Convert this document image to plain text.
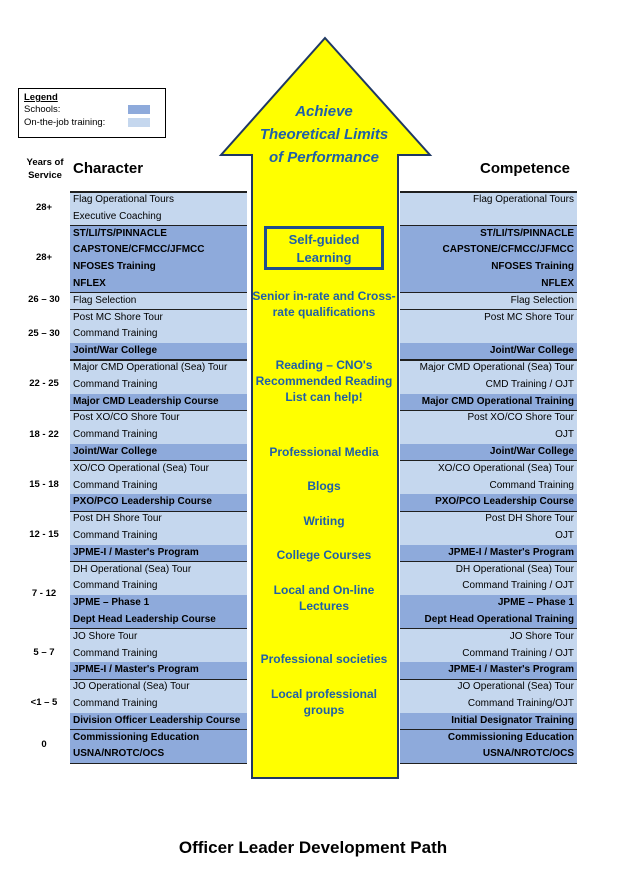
Legend
Schools:
On-the-job training:
Years of Service Character	Competence
Achieve Theoretical Limits of Performance
Self-guided Learning
Senior in-rate and Cross-rate qualifications
Reading – CNO's Recommended Reading List can help!
Professional Media
Blogs
Writing
College Courses
Local and On-line Lectures
Professional societies
Local professional groups
Flag Operational Tours
Executive Coaching
ST/LI/TS/PINNACLE
CAPSTONE/CFMCC/JFMCC
NFOSES Training
NFLEX
Flag Selection
Post MC Shore Tour
Command Training
Joint/War College
Major CMD Operational (Sea) Tour
Command Training
Major CMD Leadership Course
Post XO/CO Shore Tour
Command Training
Joint/War College
XO/CO Operational (Sea) Tour
Command Training
PXO/PCO Leadership Course
Post DH Shore Tour
Command Training
JPME-I / Master's Program
DH Operational (Sea) Tour
Command Training
JPME – Phase 1
Dept Head Leadership Course
JO Shore Tour
Command Training
JPME-I / Master's Program
JO Operational (Sea) Tour
Command Training
Division Officer Leadership Course
Commissioning Education
USNA/NROTC/OCS
Flag Operational Tours
ST/LI/TS/PINNACLE
CAPSTONE/CFMCC/JFMCC
NFOSES Training
NFLEX
Flag Selection
Post MC Shore Tour
Joint/War College
Major CMD Operational (Sea) Tour
CMD Training / OJT
Major CMD Operational Training
Post XO/CO Shore Tour
OJT
Joint/War College
XO/CO Operational (Sea) Tour
Command Training
PXO/PCO Leadership Course
Post DH Shore Tour
OJT
JPME-I / Master's Program
DH Operational (Sea) Tour
Command Training / OJT
JPME – Phase 1
Dept Head Operational Training
JO Shore Tour
Command Training / OJT
JPME-I / Master's Program
JO Operational (Sea) Tour
Command Training/OJT
Initial Designator Training
Commissioning Education
USNA/NROTC/OCS
28+
28+
26 – 30
25 – 30
22 - 25
18 - 22
15 - 18
12 - 15
7 - 12
5 – 7
<1 – 5
0
Officer Leader Development Path
